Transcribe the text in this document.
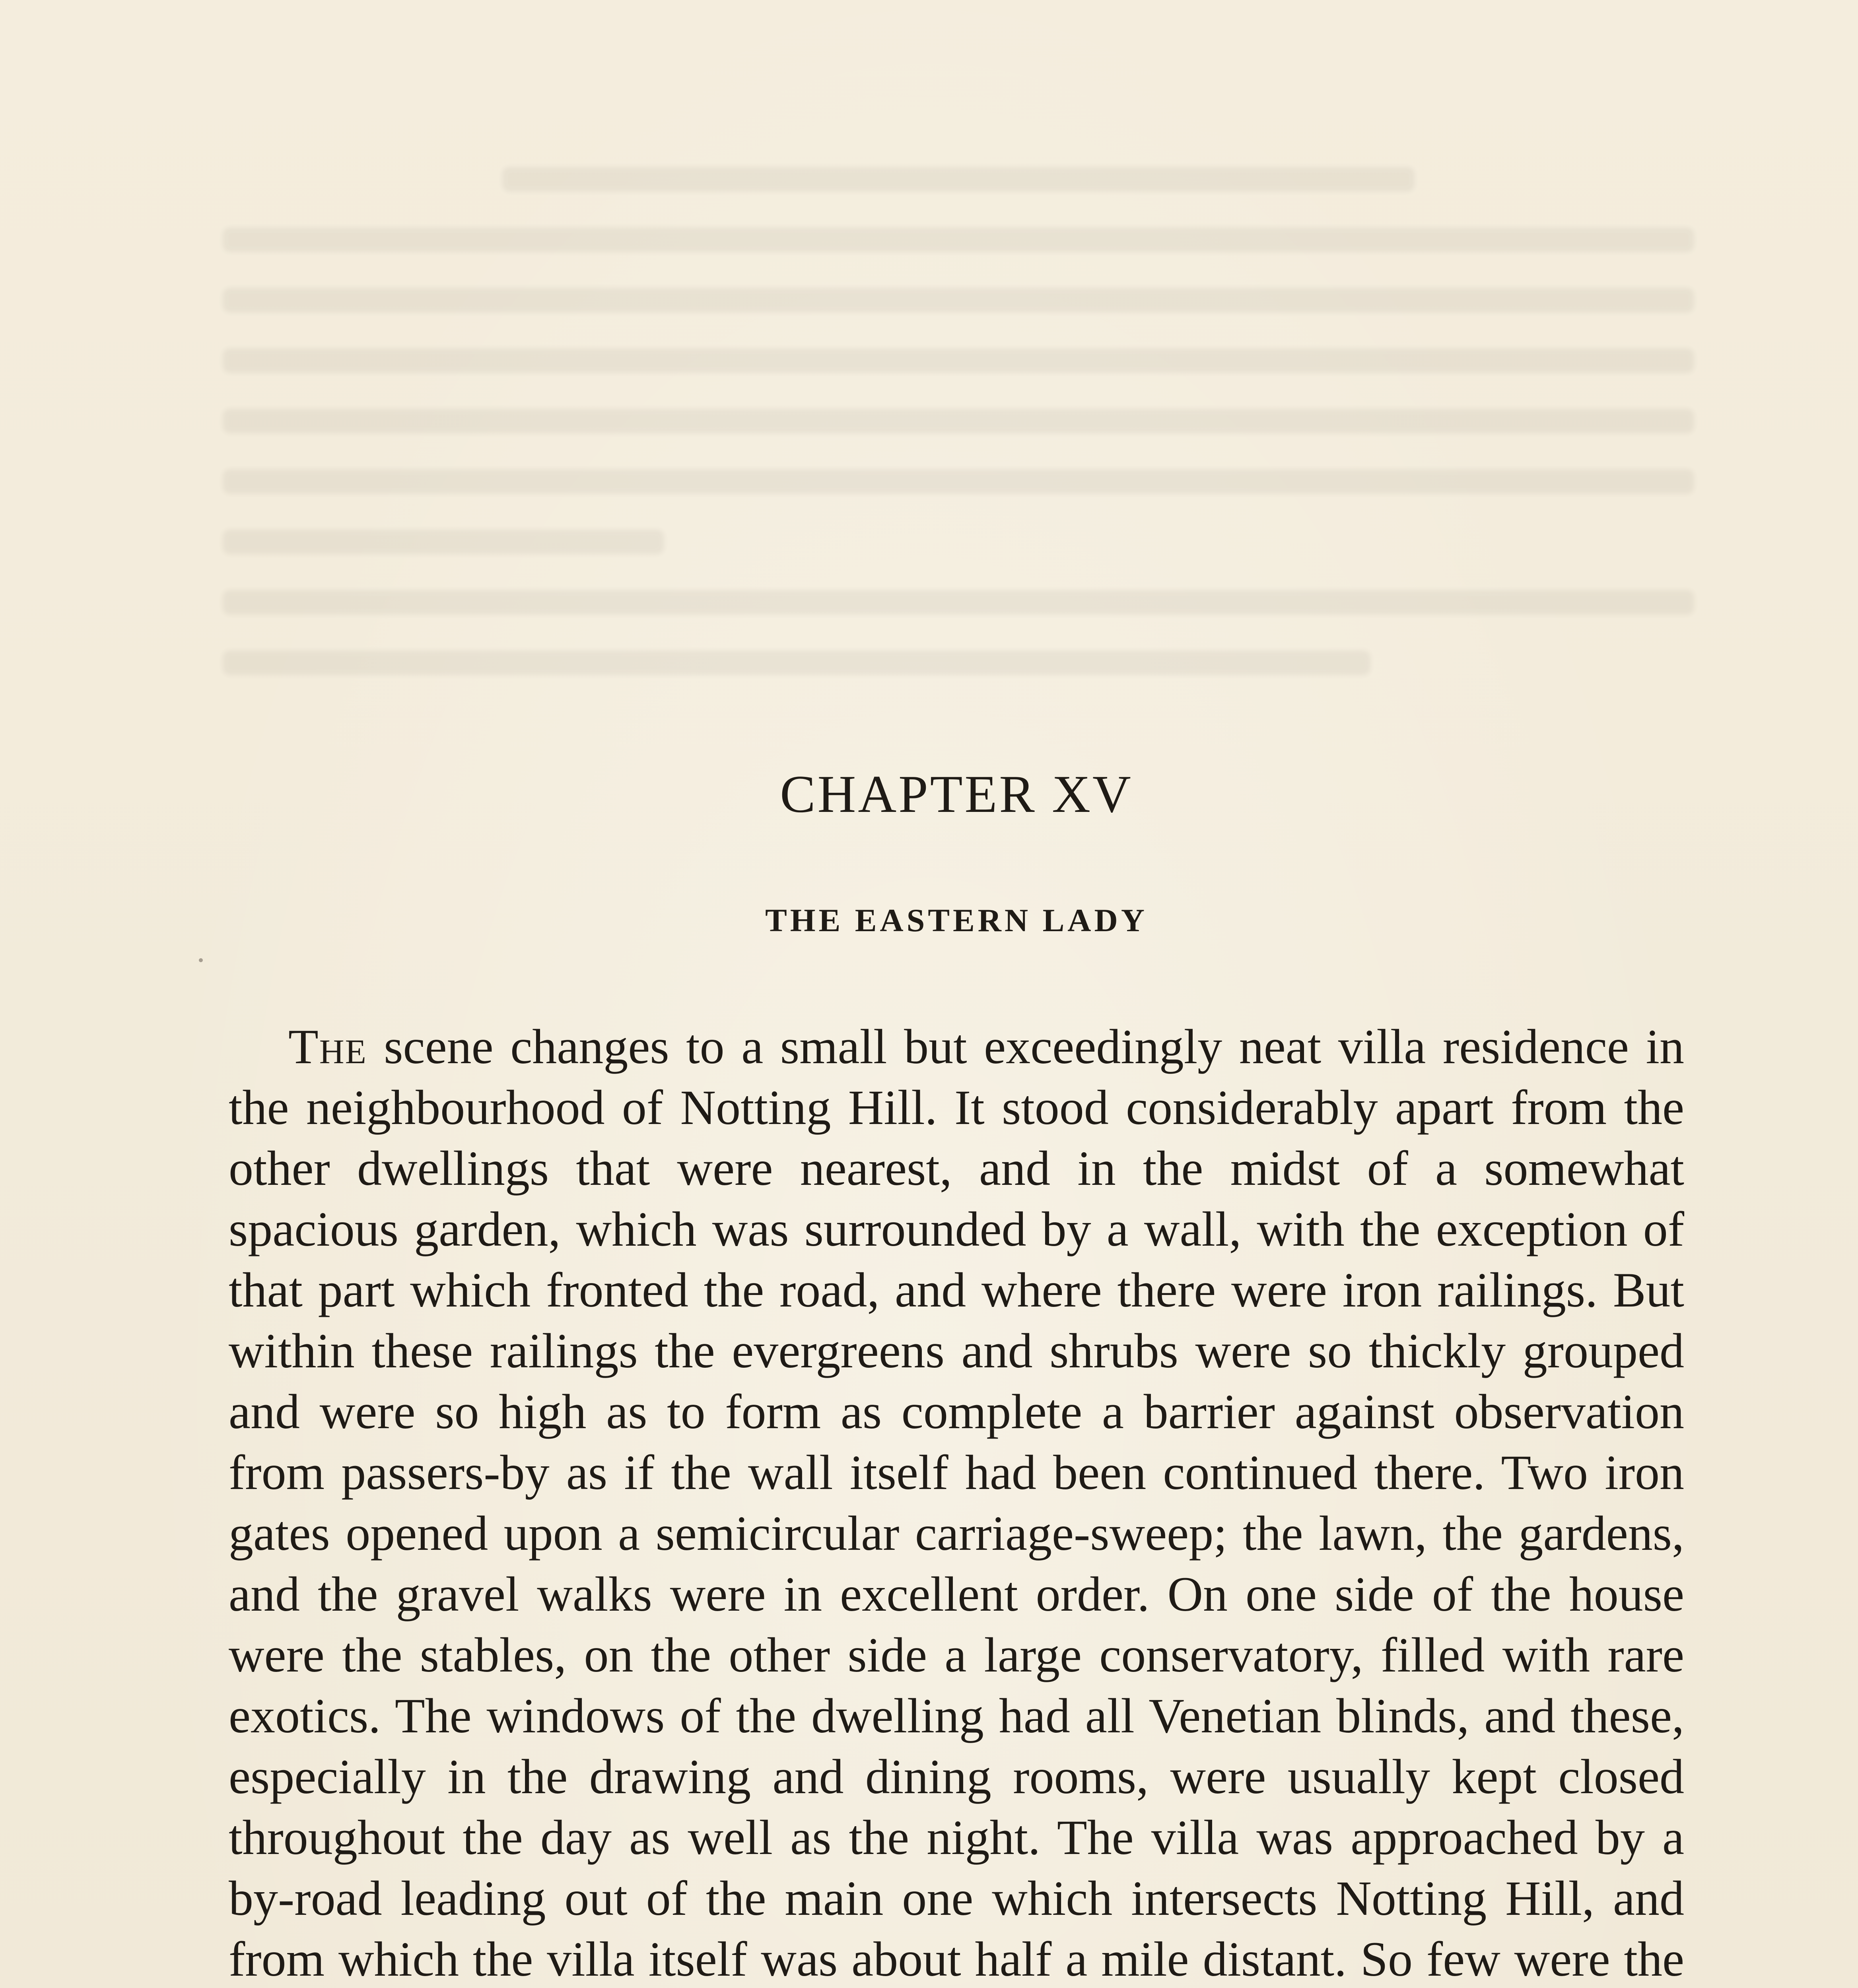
CHAPTER XV
THE EASTERN LADY

The scene changes to a small but exceedingly neat villa residence in the neighbourhood of Notting Hill. It stood considerably apart from the other dwellings that were nearest, and in the midst of a somewhat spacious garden, which was surrounded by a wall, with the exception of that part which fronted the road, and where there were iron railings. But within these railings the evergreens and shrubs were so thickly grouped and were so high as to form as complete a barrier against observation from passers-by as if the wall itself had been continued there. Two iron gates opened upon a semicircular carriage-sweep; the lawn, the gardens, and the gravel walks were in excellent order. On one side of the house were the stables, on the other side a large conservatory, filled with rare exotics. The windows of the dwelling had all Venetian blinds, and these, especially in the drawing and dining rooms, were usually kept closed throughout the day as well as the night. The villa was approached by a by-road leading out of the main one which intersects Notting Hill, and from which the villa itself was about half a mile distant. So few were the
